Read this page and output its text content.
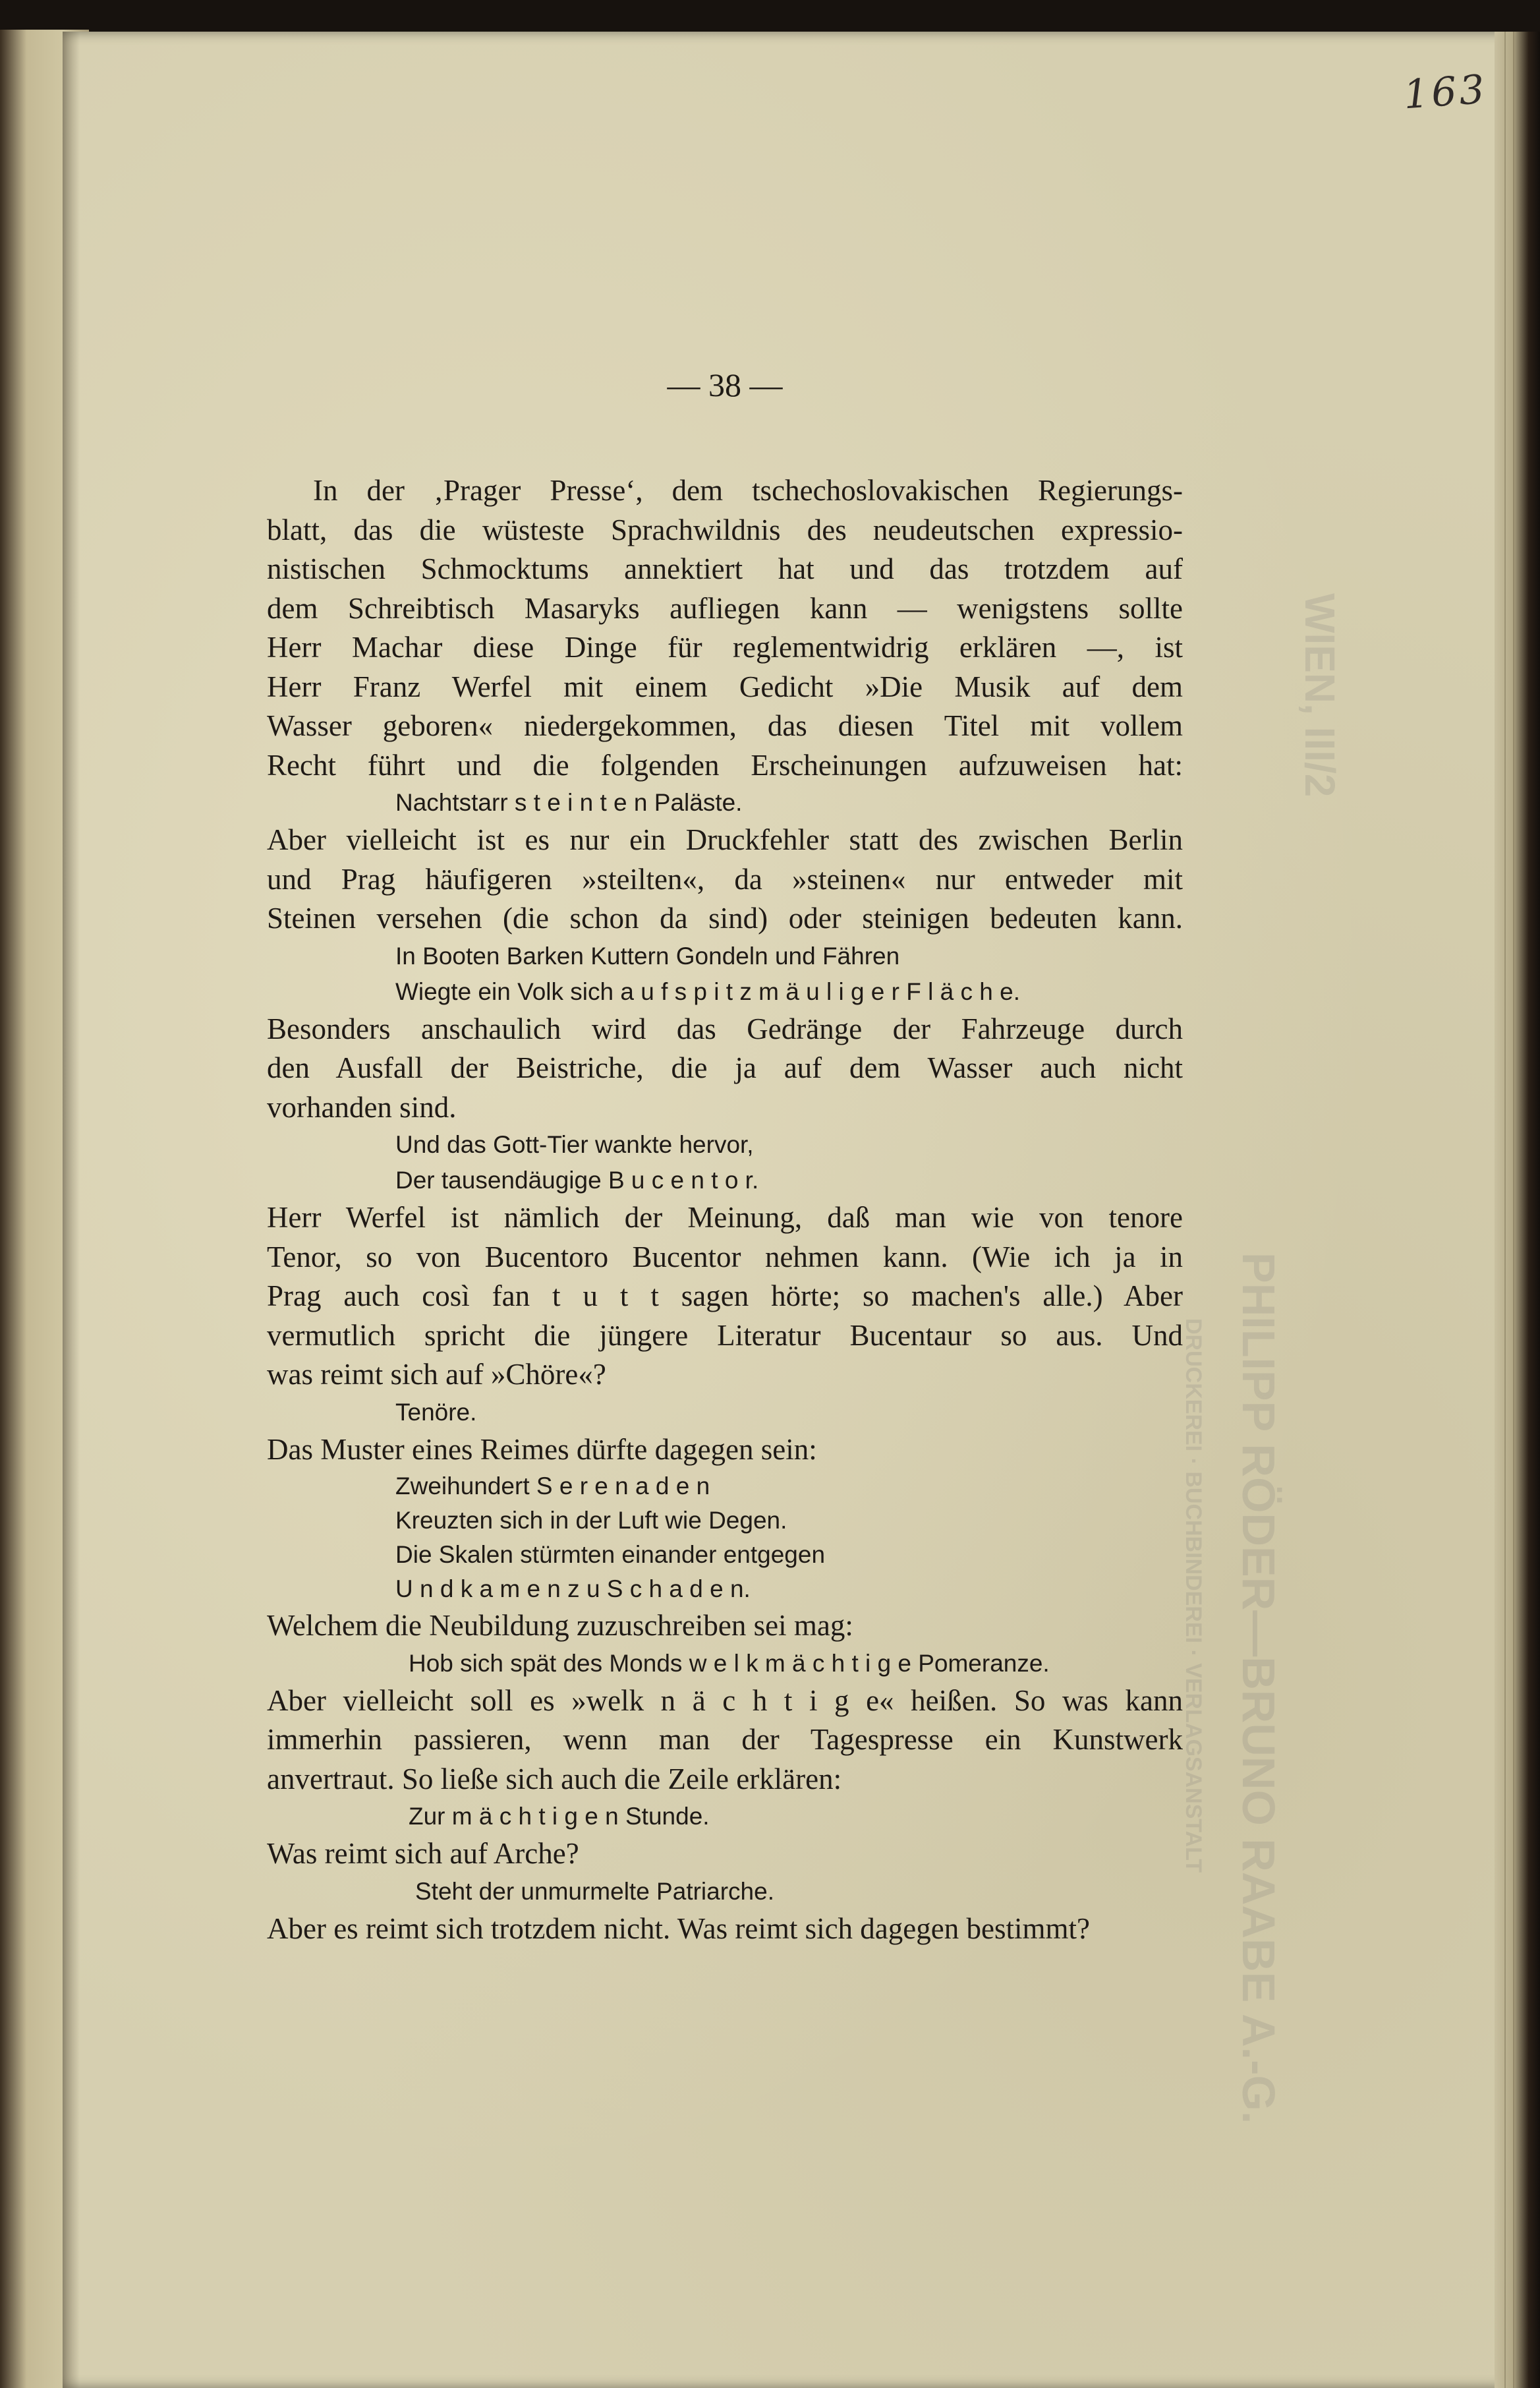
PHILIPP RÖDER—BRUNO RAABE A.-G.
DRUCKEREI · BUCHBINDEREI · VERLAGSANSTALT
WIEN, III/2
163
— 38 —

In der ‚Prager Presse‘, dem tschechoslovakischen Regierungs-

blatt, das die wüsteste Sprachwildnis des neudeutschen expressio-

nistischen Schmocktums annektiert hat und das trotzdem auf

dem Schreibtisch Masaryks aufliegen kann — wenigstens sollte

Herr Machar diese Dinge für reglementwidrig erklären —, ist

Herr Franz Werfel mit einem Gedicht »Die Musik auf dem

Wasser geboren« niedergekommen, das diesen Titel mit vollem

Recht führt und die folgenden Erscheinungen aufzuweisen hat:

Nachtstarr s t e i n t e n Paläste.

Aber vielleicht ist es nur ein Druckfehler statt des zwischen Berlin

und Prag häufigeren »steilten«, da »steinen« nur entweder mit

Steinen versehen (die schon da sind) oder steinigen bedeuten kann.

In Booten Barken Kuttern Gondeln und Fähren
Wiegte ein Volk sich a u f s p i t z m ä u l i g e r F l ä c h e.

Besonders anschaulich wird das Gedränge der Fahrzeuge durch

den Ausfall der Beistriche, die ja auf dem Wasser auch nicht

vorhanden sind.

Und das Gott-Tier wankte hervor,
Der tausendäugige B u c e n t o r.

Herr Werfel ist nämlich der Meinung, daß man wie von tenore

Tenor, so von Bucentoro Bucentor nehmen kann. (Wie ich ja in

Prag auch così fan t u t t sagen hörte; so machen's alle.) Aber

vermutlich spricht die jüngere Literatur Bucentaur so aus. Und

was reimt sich auf »Chöre«?

Tenöre.

Das Muster eines Reimes dürfte dagegen sein:

Zweihundert S e r e n a d e n
Kreuzten sich in der Luft wie Degen.
Die Skalen stürmten einander entgegen
U n d k a m e n z u S c h a d e n.

Welchem die Neubildung zuzuschreiben sei mag:

Hob sich spät des Monds w e l k m ä c h t i g e Pomeranze.

Aber vielleicht soll es »welk n ä c h t i g e« heißen. So was kann

immerhin passieren, wenn man der Tagespresse ein Kunstwerk

anvertraut. So ließe sich auch die Zeile erklären:

Zur m ä c h t i g e n Stunde.

Was reimt sich auf Arche?

Steht der unmurmelte Patriarche.

Aber es reimt sich trotzdem nicht. Was reimt sich dagegen bestimmt?
